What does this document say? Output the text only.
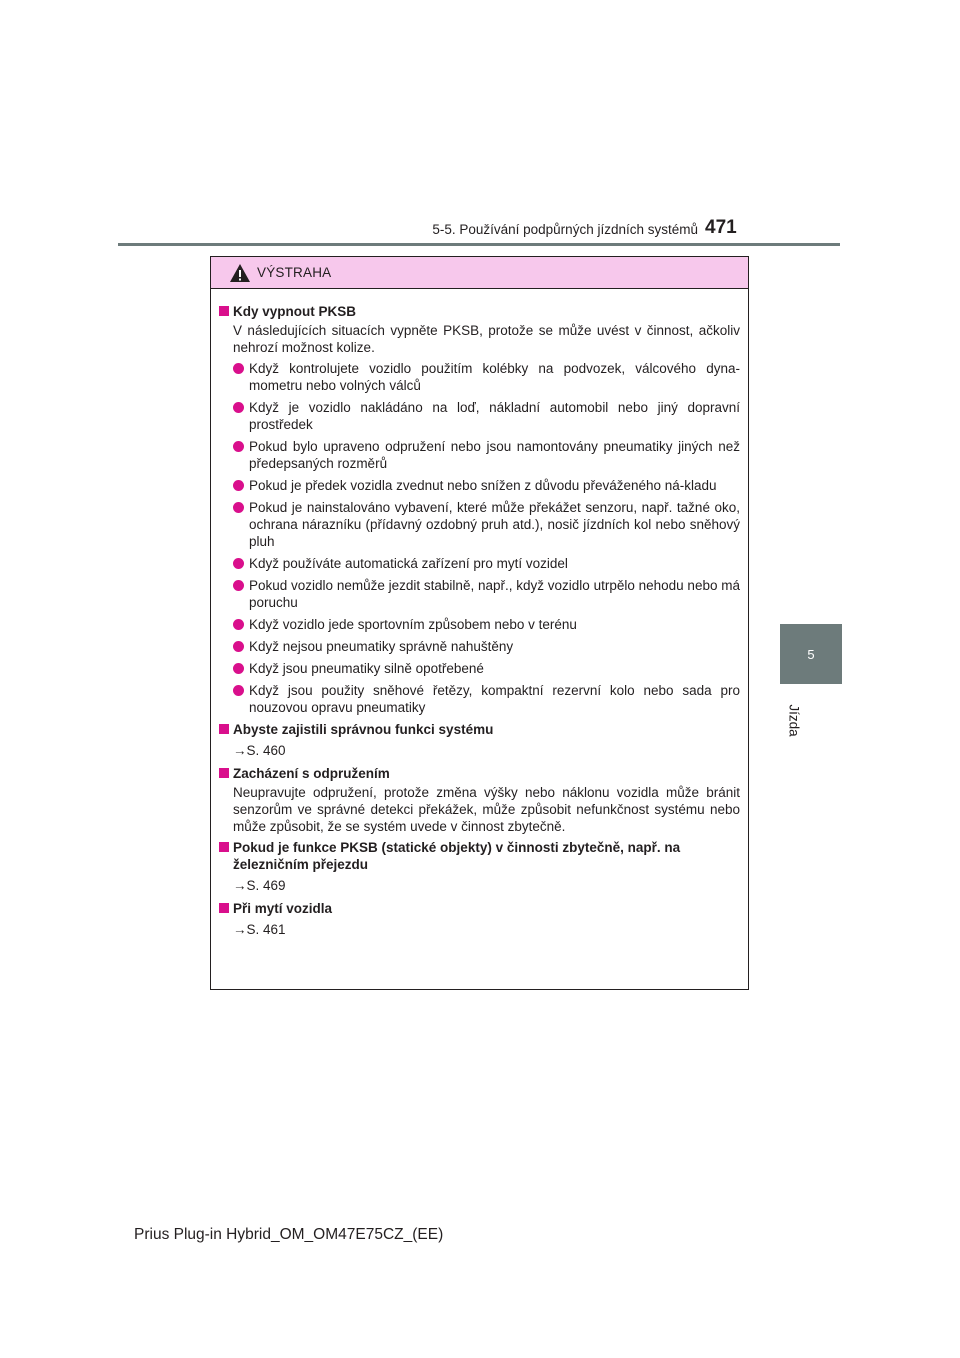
5-5. Používání podpůrných jízdních systémů 471
5
Jízda
VÝSTRAHA
Kdy vypnout PKSB
V následujících situacích vypněte PKSB, protože se může uvést v činnost, ačkoliv nehrozí možnost kolize.
Když kontrolujete vozidlo použitím kolébky na podvozek, válcového dyna-mometru nebo volných válců
Když je vozidlo nakládáno na loď, nákladní automobil nebo jiný dopravní prostředek
Pokud bylo upraveno odpružení nebo jsou namontovány pneumatiky jiných než předepsaných rozměrů
Pokud je předek vozidla zvednut nebo snížen z důvodu převáženého ná-kladu
Pokud je nainstalováno vybavení, které může překážet senzoru, např. tažné oko, ochrana nárazníku (přídavný ozdobný pruh atd.), nosič jízdních kol nebo sněhový pluh
Když používáte automatická zařízení pro mytí vozidel
Pokud vozidlo nemůže jezdit stabilně, např., když vozidlo utrpělo nehodu nebo má poruchu
Když vozidlo jede sportovním způsobem nebo v terénu
Když nejsou pneumatiky správně nahuštěny
Když jsou pneumatiky silně opotřebené
Když jsou použity sněhové řetězy, kompaktní rezervní kolo nebo sada pro nouzovou opravu pneumatiky
Abyste zajistili správnou funkci systému
→S. 460
Zacházení s odpružením
Neupravujte odpružení, protože změna výšky nebo náklonu vozidla může bránit senzorům ve správné detekci překážek, může způsobit nefunkčnost systému nebo může způsobit, že se systém uvede v činnost zbytečně.
Pokud je funkce PKSB (statické objekty) v činnosti zbytečně, např. na železničním přejezdu
→S. 469
Při mytí vozidla
→S. 461
Prius Plug-in Hybrid_OM_OM47E75CZ_(EE)
